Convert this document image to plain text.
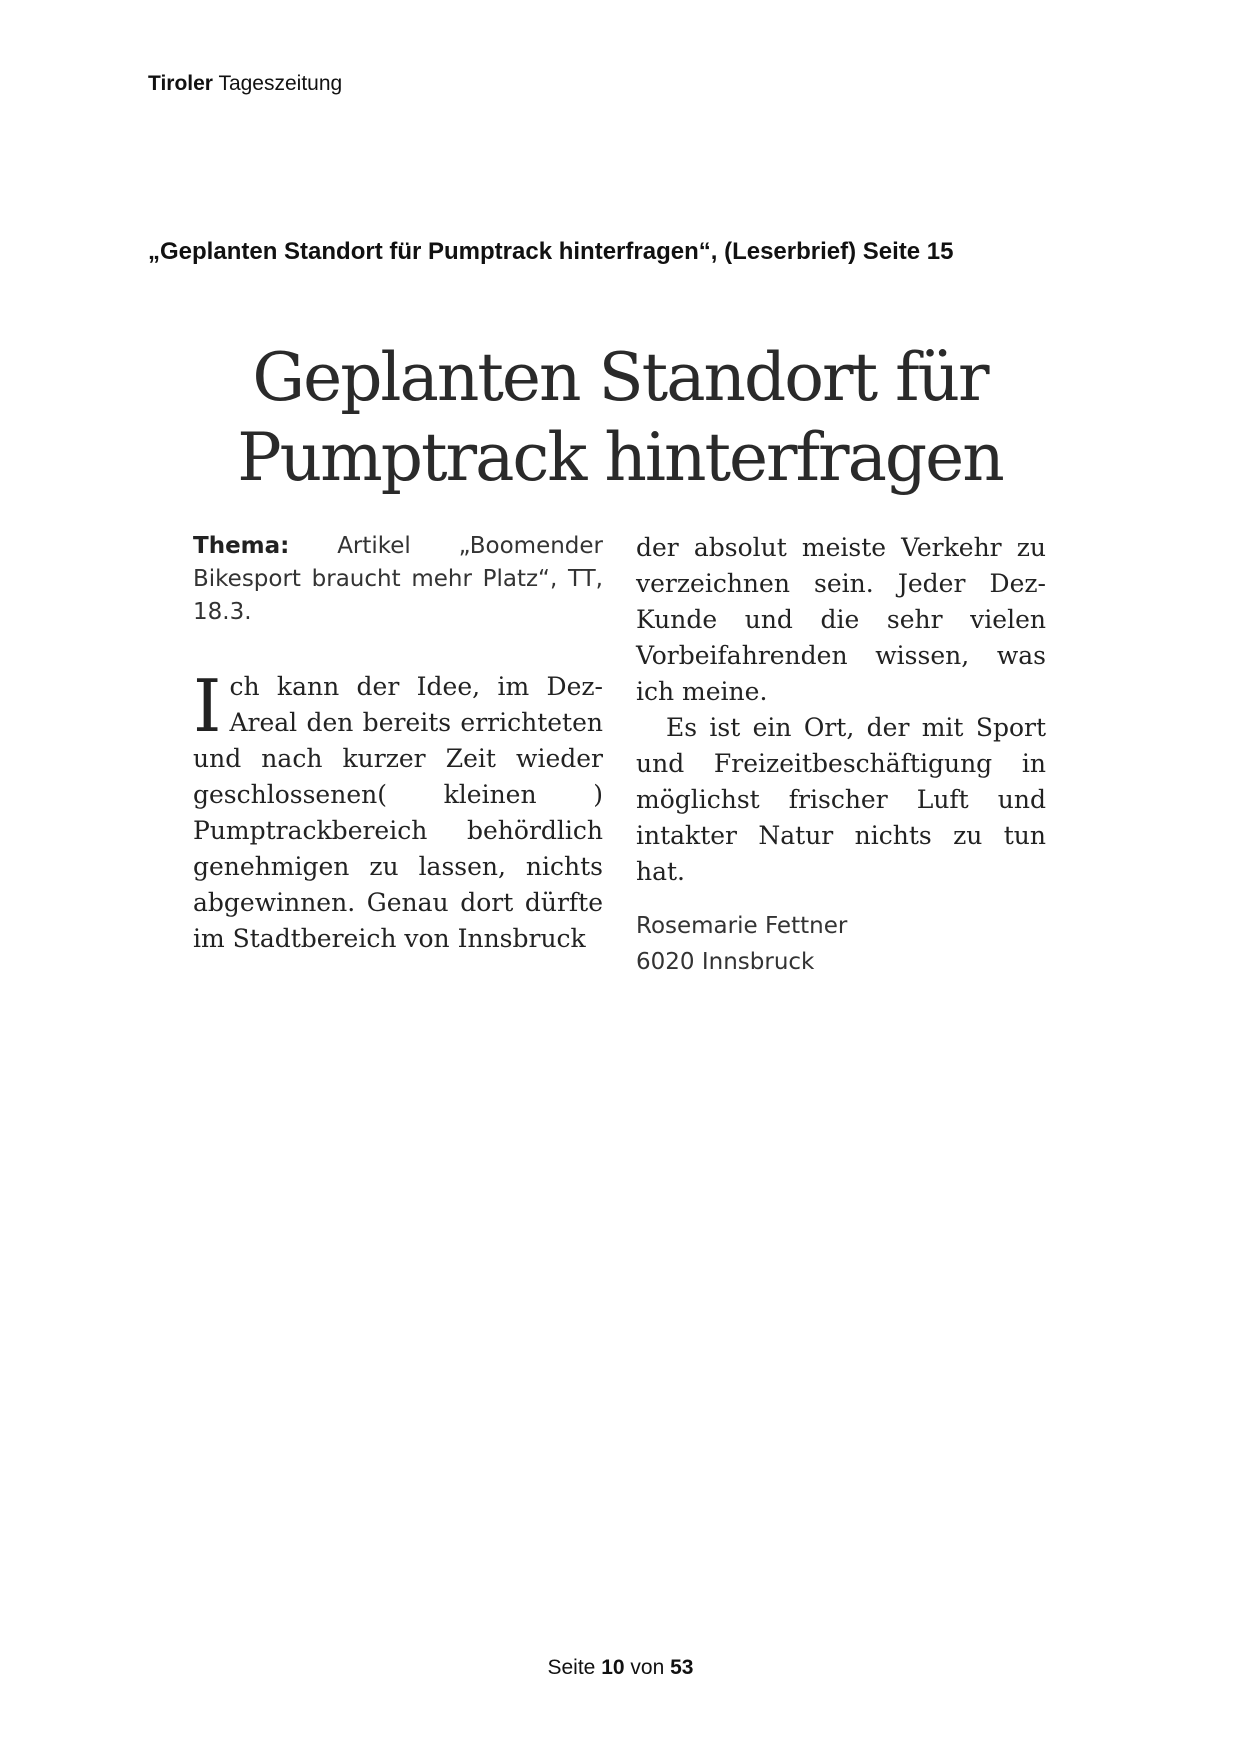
Tiroler Tageszeitung
„Geplanten Standort für Pumptrack hinterfragen“, (Leserbrief) Seite 15
Geplanten Standort für
Pumptrack hinterfragen
Thema: Artikel „Boomender Bikesport braucht mehr Platz“, TT, 18.3.
I ch kann der Idee, im Dez-Areal den bereits errichteten und nach kurzer Zeit wieder geschlossenen( kleinen ) Pumptrackbereich behördlich genehmigen zu lassen, nichts abgewinnen. Genau dort dürfte im Stadtbereich von Innsbruck

der absolut meiste Verkehr zu verzeichnen sein. Jeder Dez-Kunde und die sehr vielen Vorbeifahrenden wissen, was ich meine.

Es ist ein Ort, der mit Sport und Freizeitbeschäftigung in möglichst frischer Luft und intakter Natur nichts zu tun hat.

Rosemarie Fettner
6020 Innsbruck
Seite 10 von 53
